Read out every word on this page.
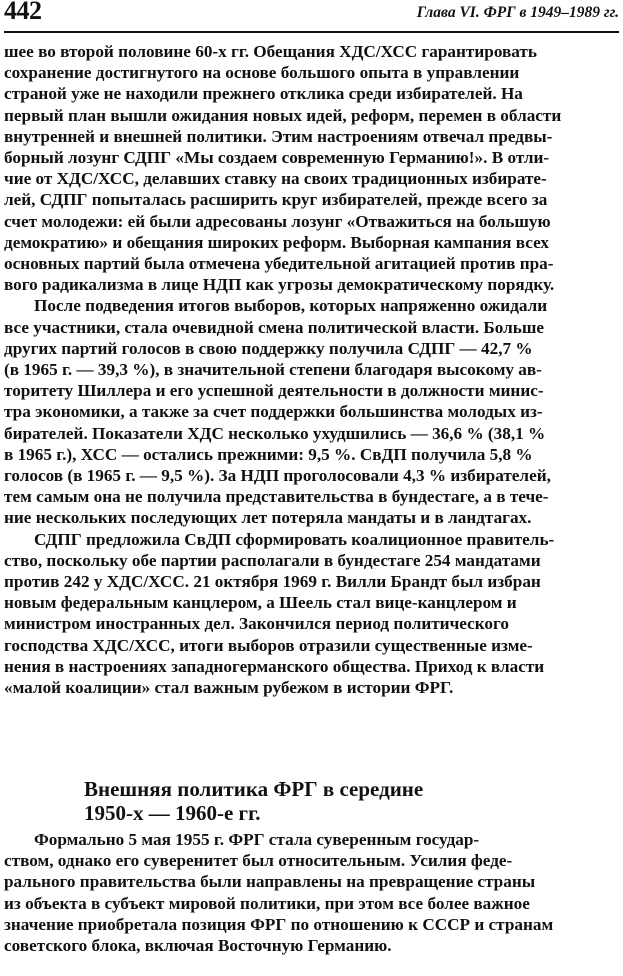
442	Глава VI. ФРГ в 1949–1989 гг.
шее во второй половине 60-х гг. Обещания ХДС/ХСС гарантировать
сохранение достигнутого на основе большого опыта в управлении
страной уже не находили прежнего отклика среди избирателей. На
первый план вышли ожидания новых идей, реформ, перемен в области
внутренней и внешней политики. Этим настроениям отвечал предвы-
борный лозунг СДПГ «Мы создаем современную Германию!». В отли-
чие от ХДС/ХСС, делавших ставку на своих традиционных избирате-
лей, СДПГ попыталась расширить круг избирателей, прежде всего за
счет молодежи: ей были адресованы лозунг «Отважиться на большую
демократию» и обещания широких реформ. Выборная кампания всех
основных партий была отмечена убедительной агитацией против пра-
вого радикализма в лице НДП как угрозы демократическому порядку.
После подведения итогов выборов, которых напряженно ожидали
все участники, стала очевидной смена политической власти. Больше
других партий голосов в свою поддержку получила СДПГ — 42,7 %
(в 1965 г. — 39,3 %), в значительной степени благодаря высокому ав-
торитету Шиллера и его успешной деятельности в должности минис-
тра экономики, а также за счет поддержки большинства молодых из-
бирателей. Показатели ХДС несколько ухудшились — 36,6 % (38,1 %
в 1965 г.), ХСС — остались прежними: 9,5 %. СвДП получила 5,8 %
голосов (в 1965 г. — 9,5 %). За НДП проголосовали 4,3 % избирателей,
тем самым она не получила представительства в бундестаге, а в тече-
ние нескольких последующих лет потеряла мандаты и в ландтагах.
СДПГ предложила СвДП сформировать коалиционное правитель-
ство, поскольку обе партии располагали в бундестаге 254 мандатами
против 242 у ХДС/ХСС. 21 октября 1969 г. Вилли Брандт был избран
новым федеральным канцлером, а Шеель стал вице-канцлером и
министром иностранных дел. Закончился период политического
господства ХДС/ХСС, итоги выборов отразили существенные изме-
нения в настроениях западногерманского общества. Приход к власти
«малой коалиции» стал важным рубежом в истории ФРГ.
Внешняя политика ФРГ в середине
1950-х — 1960-е гг.
Формально 5 мая 1955 г. ФРГ стала суверенным государ-
ством, однако его суверенитет был относительным. Усилия феде-
рального правительства были направлены на превращение страны
из объекта в субъект мировой политики, при этом все более важное
значение приобретала позиция ФРГ по отношению к СССР и странам
советского блока, включая Восточную Германию.
